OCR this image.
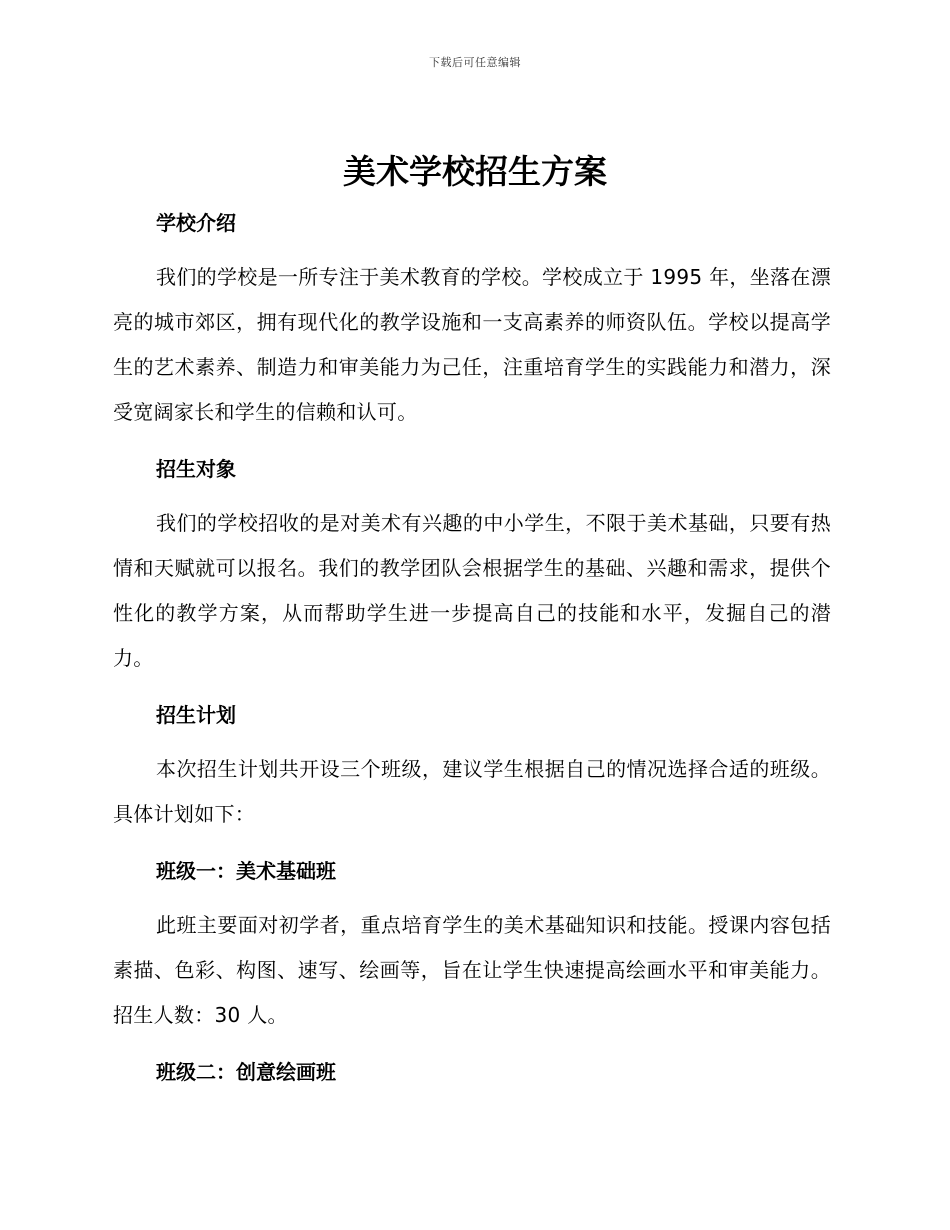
下载后可任意编辑
美术学校招生方案
学校介绍

我们的学校是一所专注于美术教育的学校。学校成立于 1995 年，坐落在漂亮的城市郊区，拥有现代化的教学设施和一支高素养的师资队伍。学校以提高学生的艺术素养、制造力和审美能力为己任，注重培育学生的实践能力和潜力，深受宽阔家长和学生的信赖和认可。

招生对象

我们的学校招收的是对美术有兴趣的中小学生，不限于美术基础，只要有热情和天赋就可以报名。我们的教学团队会根据学生的基础、兴趣和需求，提供个性化的教学方案，从而帮助学生进一步提高自己的技能和水平，发掘自己的潜力。

招生计划

本次招生计划共开设三个班级，建议学生根据自己的情况选择合适的班级。具体计划如下：

班级一：美术基础班

此班主要面对初学者，重点培育学生的美术基础知识和技能。授课内容包括素描、色彩、构图、速写、绘画等，旨在让学生快速提高绘画水平和审美能力。招生人数：30 人。

班级二：创意绘画班
